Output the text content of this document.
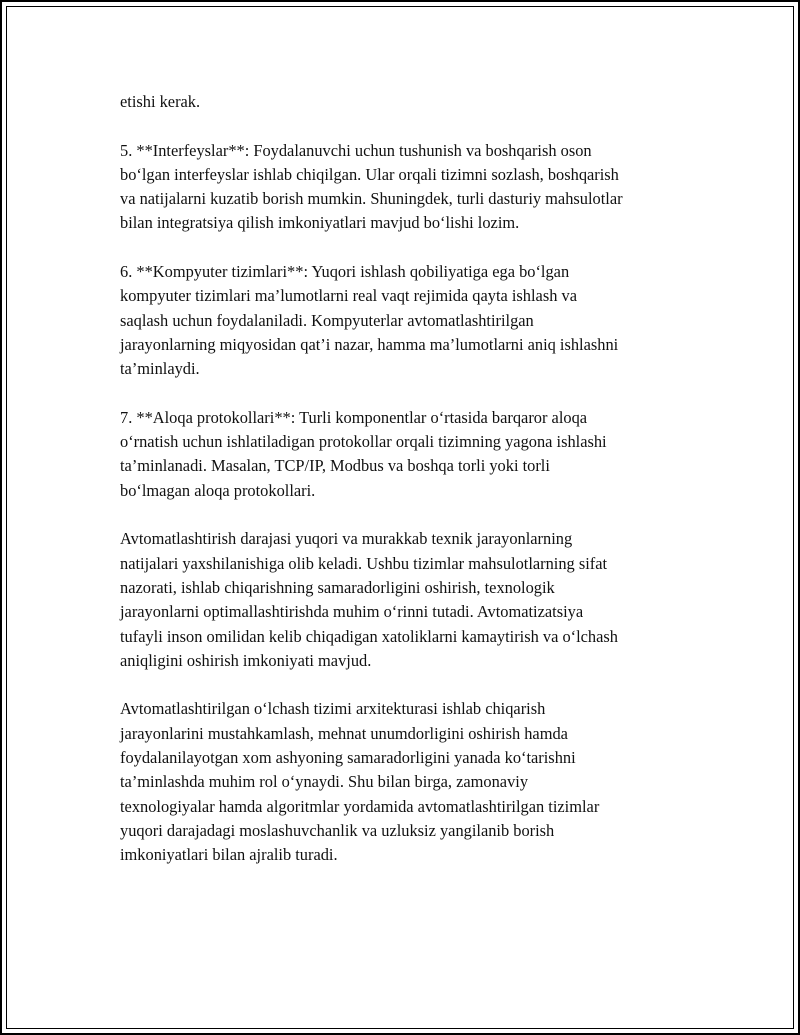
etishi kerak.

5. **Interfeyslar**: Foydalanuvchi uchun tushunish va boshqarish oson
bo‘lgan interfeyslar ishlab chiqilgan. Ular orqali tizimni sozlash, boshqarish
va natijalarni kuzatib borish mumkin. Shuningdek, turli dasturiy mahsulotlar
bilan integratsiya qilish imkoniyatlari mavjud bo‘lishi lozim.

6. **Kompyuter tizimlari**: Yuqori ishlash qobiliyatiga ega bo‘lgan
kompyuter tizimlari ma’lumotlarni real vaqt rejimida qayta ishlash va
saqlash uchun foydalaniladi. Kompyuterlar avtomatlashtirilgan
jarayonlarning miqyosidan qat’i nazar, hamma ma’lumotlarni aniq ishlashni
ta’minlaydi.

7. **Aloqa protokollari**: Turli komponentlar o‘rtasida barqaror aloqa
o‘rnatish uchun ishlatiladigan protokollar orqali tizimning yagona ishlashi
ta’minlanadi. Masalan, TCP/IP, Modbus va boshqa torli yoki torli
bo‘lmagan aloqa protokollari.

Avtomatlashtirish darajasi yuqori va murakkab texnik jarayonlarning
natijalari yaxshilanishiga olib keladi. Ushbu tizimlar mahsulotlarning sifat
nazorati, ishlab chiqarishning samaradorligini oshirish, texnologik
jarayonlarni optimallashtirishda muhim o‘rinni tutadi. Avtomatizatsiya
tufayli inson omilidan kelib chiqadigan xatoliklarni kamaytirish va o‘lchash
aniqligini oshirish imkoniyati mavjud.

Avtomatlashtirilgan o‘lchash tizimi arxitekturasi ishlab chiqarish
jarayonlarini mustahkamlash, mehnat unumdorligini oshirish hamda
foydalanilayotgan xom ashyoning samaradorligini yanada ko‘tarishni
ta’minlashda muhim rol o‘ynaydi. Shu bilan birga, zamonaviy
texnologiyalar hamda algoritmlar yordamida avtomatlashtirilgan tizimlar
yuqori darajadagi moslashuvchanlik va uzluksiz yangilanib borish
imkoniyatlari bilan ajralib turadi.
